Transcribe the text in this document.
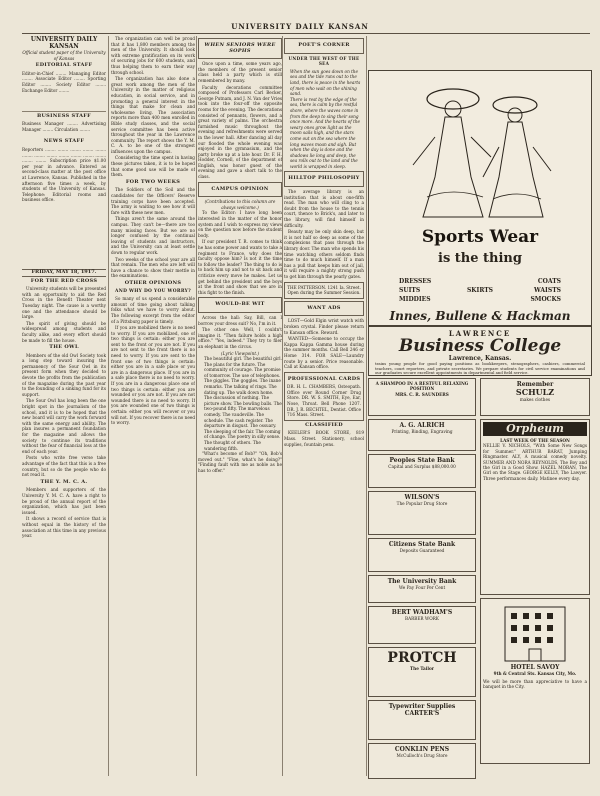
UNIVERSITY DAILY KANSAN
UNIVERSITY DAILY KANSAN
Official student paper of the University of Kansas
EDITORIAL STAFF
Editor-in-Chief ........ Managing Editor ........ Associate Editor ........ Sporting Editor ........ Society Editor ........ Exchange Editor ........
BUSINESS STAFF
Business Manager ........ Advertising Manager ........ Circulation ........
NEWS STAFF
Reporters ........ ........ ........ ........ ........ ........ ........ ........ ........ ........ ........ ........ ........ ........ Subscription price $1.00 per year in advance. Entered as second-class matter at the post office at Lawrence, Kansas. Published in the afternoon five times a week, by students of the University of Kansas. Telephone: Editorial rooms and business office.
FRIDAY, MAY 18, 1917.
FOR THE RED CROSS

University students will be presented with an opportunity to aid the Red Cross in the Benefit Theater next Tuesday night. The cause is a worthy one and the attendance should be large.

The spirit of giving should be widespread among students and faculty alike, and every effort should be made to fill the house.

THE OWL

Members of the old Owl Society took a long step toward insuring the permanency of the Sour Owl in its present form when they decided to devote the profits from the publication of the magazine during the past year to the founding of a sinking fund for its support.

The Sour Owl has long been the one bright spot in the journalism of the school, and it is to be hoped that the new board will carry the work forward with the same energy and ability. The plan insures a permanent foundation for the magazine and allows the society to continue its traditions without the fear of financial loss at the end of each year.

Posts who write free verse take advantage of the fact that this is a free country, but so do the people who do not read it.

THE Y. M. C. A.

Members and supporters of the University Y. M. C. A. have a right to be proud of the annual report of the organization, which has just been issued.

It shows a record of service that is without equal in the history of the association at this time in any previous year.

The organization can well be proud that it has 1,800 members among the men of the University. It should look with extreme gratification on its work of securing jobs for 600 students, and thus helping them to earn their way through school.

The organization has also done a great work among the men of the University in the matter of religious education, in social service, and in promoting a general interest in the things that make for clean and wholesome living. The association reports more than 400 men enrolled in Bible study classes, and the social service committee has been active throughout the year in the Lawrence community. The report shows the Y. M. C. A. to be one of the strongest influences upon the campus.

Considering the time spent in having these pictures taken, it is to be hoped that some good use will be made of them.

FOR TWO WEEKS

The Soldiers of the Soil and the candidates for the Officers' Reserve training corps have been accepted. The army is waiting to see how it will fare with these new men.

Things aren't the same around the campus. They can't be—there are too many missing faces. But we are no longer confused by the continual leaving of students and instructors, and the University can at least settle down to regular work.

Two weeks of the school year are all that remain. The men who are left will have a chance to show their mettle in the examinations.

OTHER OPINIONS
AND WHY DO YOU WORRY?

So many of us spend a considerable amount of time going about talking folks what we have to worry about. The following excerpt from the editor of a Pittsburg paper is timely.

If you are mobilized there is no need to worry. If you are mobilized, one of two things is certain: either you are sent to the front or you are not. If you are not sent to the front there is no need to worry. If you are sent to the front one of two things is certain: either you are in a safe place or you are in a dangerous place. If you are in a safe place there is no need to worry. If you are in a dangerous place one of two things is certain: either you are wounded or you are not. If you are not wounded there is no need to worry. If you are wounded one of two things is certain: either you will recover or you will not. If you recover there is no need to worry.

WHEN SENIORS WERE SOPHS

Once upon a time, some years ago, the members of the present senior class held a party which is still remembered by many.

Faculty decorations committee composed of Professors Carl Becker, George Putnam, and J. N. Van der Vries took into the four-off the opposite rooms for the evening. The decorations consisted of pennants, flowers, and a great variety of palms. The orchestra furnished music throughout the evening and refreshments were served in the lower hall. After dancing all day our flooded the whole evening was enjoyed in the gymnasium, and the party broke up at a late hour. Dr. F. H. Hodder, Cornell, of the department of English, was honor guest of the evening and gave a short talk to the class.

CAMPUS OPINION
(Contributions to this column are always welcome.)

To the Editor: I have long been interested in the matter of the honor system and I wish to express my views on the question now before the student body.

If our president T. R. comes to think he has some power and wants to take a regiment to France, why does the faculty oppose him? Is not it the time to follow the leader? The thing to do is to back him up and not to sit back and criticize every move he makes. Let us get behind the president and the boys at the front and show that we are in this fight to the finish.

WOULD-BE WIT

Across the hall: Say, Bill, can I borrow your dress suit? No, I'm in it.

The other one: Well, I couldn't imagine it. "Then failure holds a high office." "Yes, indeed." They try to filer an elephant in the circus.

(Lyric Viewpoint.)
The beautiful girl. The beautiful girl. The plans for the future. The community of courage. The promise of tomorrow. The use of telephones. The giggles. The goggles. The inane remarks. The talking of rings. The dating up. The walk down home. The discussion of nothing. The picture show. The bowling balls. The two-pound fifty. The marvelous comedy. The vaudeville. The schedule. The cash register. The departure in disgust. The ossuary. The sleeping of the fair. The coming of change. The poetry in silly sense. The thought of others. The wandering fifth.

"What's become of Bob?" "Oh, Bob's moved out." "Fine, what's he doing?" "Finding fault with me as noble as he has to offer."

POET'S CORNER
UNDER THE WEST OF THE SEA
When the sun goes down on the sea and the tide runs out to the land, there is peace in the hearts of men who wait on the shining sand.
There is rest by the edge of the sea, there is calm by the restful shore, where the waves come in from the deep to sing their song once more. And the hearts of the weary ones grow light as the moon sails high, and the stars come out on the sea where the long waves moan and sigh. But when the day is done and the shadows lie long and deep, the sea rolls out to the land and the world is wrapped in sleep.
HILLTOP PHILOSOPHY

The average library is an institution that is about one-fifth read. The man who will cling to a doubt from the house to the tennis court, thence to Brick's, and later to the library, will find himself in difficulty.

Beauty may be only skin deep, but it is not half so deep as some of the complexions that pass through the library door. The man who spends his time watching others seldom finds time to do much himself. If a man has a pull that keeps him out of jail, it will require a mighty strong push to get him through the pearly gates.

THE PATTERSON. 1241 Ia. Street. Open during the Summer Session.
WANT ADS

LOST—Gold Elgin wrist watch with broken crystal. Finder please return to Kansan office. Reward.

WANTED—Someone to occupy the Kappa Kappa Gamma house during the summer months. Call Bell 246 or Home 314. FOR SALE—Laundry route by a senior. Price reasonable. Call at Kansan office.

PROFESSIONAL CARDS
DR. H. L. CHAMBERS, Osteopath. Office over Round Corner Drug Store. DR. W. S. SMITH, Eye, Ear, Nose, Throat. Bell Phone 1207. DR. J. R. BECHTEL, Dentist. Office 716 Mass. Street.
CLASSIFIED

KEELER'S BOOK STORE, 819 Mass. Street. Stationery, school supplies, fountain pens.

Sports Wear
is the thing
DRESSES	COATS
SUITS	SKIRTS	WAISTS
MIDDIES	SMOCKS
Innes, Bullene & Hackman
LAWRENCE
Business College
Lawrence, Kansas.
trains young people for good paying positions as bookkeepers, stenographers, cashiers, commercial teachers, court reporters, and private secretaries. We prepare students for civil service examinations and our graduates secure excellent appointments in departmental and field service.
A SHAMPOO IN A RESTFUL RELAXING POSITION
MRS. C. R. SAUNDERS
A. G. ALRICH
Printing, Binding, Engraving
Peoples State Bank
Capital and Surplus $88,000.00
WILSON'S
The Popular Drug Store
Citizens State Bank
Deposits Guaranteed
The University Bank
We Pay Four Per Cent
BERT WADHAM'S
BARBER WORK
PROTCH
The Tailor
Typewriter Supplies
CARTER'S
CONKLIN PENS
McCulloch's Drug Store
Remember
SCHULZ
makes clothes
Orpheum
LAST WEEK OF THE SEASON
NELLIE V. NICHOLS, "With Some New Songs for Summer." ARTHUR BARAT, Jumping Ringmaster. ALY, A musical comedy novelty. SUMMER AND NORA REYNOLDS, The Boy and the Girl in a Good Show. HAZEL MORAN, The Girl on the Stage. GEORGE KELLY, The Lawyer. Three performances daily. Matinee every day.
HOTEL SAVOY
9th & Central Sts. Kansas City, Mo.
We will be more than appreciative to have a banquet in the City.
